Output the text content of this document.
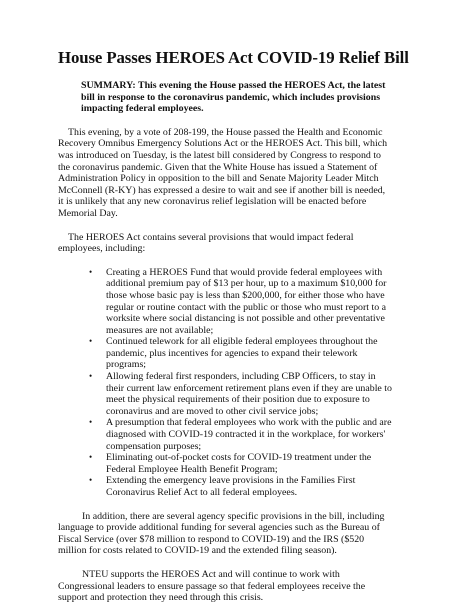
House Passes HEROES Act COVID-19 Relief Bill

SUMMARY: This evening the House passed the HEROES Act, the latest bill in response to the coronavirus pandemic, which includes provisions impacting federal employees.

This evening, by a vote of 208-199, the House passed the Health and Economic Recovery Omnibus Emergency Solutions Act or the HEROES Act. This bill, which was introduced on Tuesday, is the latest bill considered by Congress to respond to the coronavirus pandemic. Given that the White House has issued a Statement of Administration Policy in opposition to the bill and Senate Majority Leader Mitch McConnell (R-KY) has expressed a desire to wait and see if another bill is needed, it is unlikely that any new coronavirus relief legislation will be enacted before Memorial Day.

The HEROES Act contains several provisions that would impact federal employees, including:

• Creating a HEROES Fund that would provide federal employees with additional premium pay of $13 per hour, up to a maximum $10,000 for those whose basic pay is less than $200,000, for either those who have regular or routine contact with the public or those who must report to a worksite where social distancing is not possible and other preventative measures are not available;
• Continued telework for all eligible federal employees throughout the pandemic, plus incentives for agencies to expand their telework programs;
• Allowing federal first responders, including CBP Officers, to stay in their current law enforcement retirement plans even if they are unable to meet the physical requirements of their position due to exposure to coronavirus and are moved to other civil service jobs;
• A presumption that federal employees who work with the public and are diagnosed with COVID-19 contracted it in the workplace, for workers' compensation purposes;
• Eliminating out-of-pocket costs for COVID-19 treatment under the Federal Employee Health Benefit Program;
• Extending the emergency leave provisions in the Families First Coronavirus Relief Act to all federal employees.

In addition, there are several agency specific provisions in the bill, including language to provide additional funding for several agencies such as the Bureau of Fiscal Service (over $78 million to respond to COVID-19) and the IRS ($520 million for costs related to COVID-19 and the extended filing season).

NTEU supports the HEROES Act and will continue to work with Congressional leaders to ensure passage so that federal employees receive the support and protection they need through this crisis.
